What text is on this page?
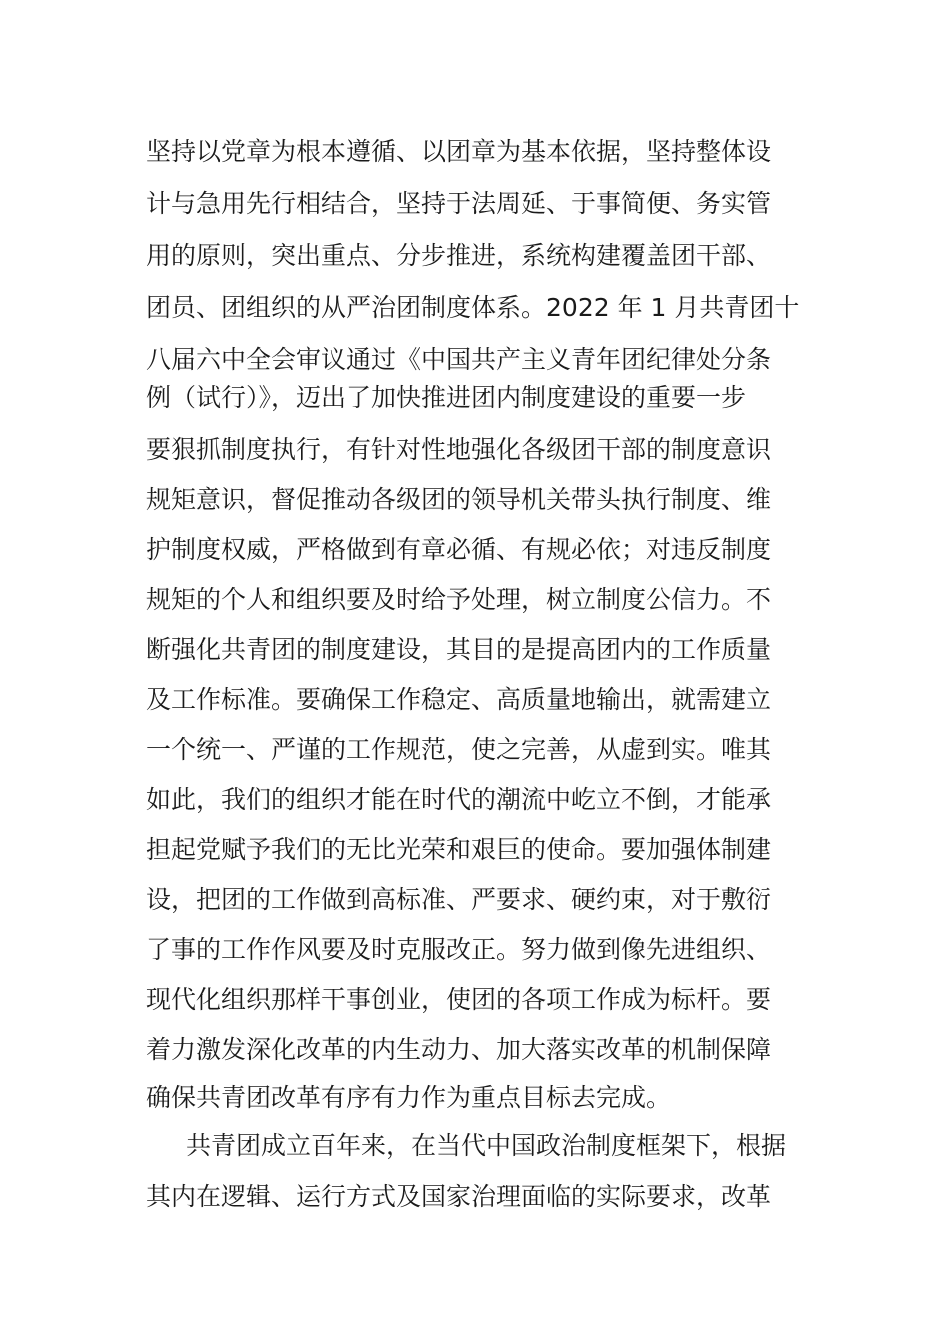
坚持以党章为根本遵循、以团章为基本依据，坚持整体设
计与急用先行相结合，坚持于法周延、于事简便、务实管
用的原则，突出重点、分步推进，系统构建覆盖团干部、
团员、团组织的从严治团制度体系。2022 年 1 月共青团十
八届六中全会审议通过《中国共产主义青年团纪律处分条
例（试行）》，迈出了加快推进团内制度建设的重要一步
要狠抓制度执行，有针对性地强化各级团干部的制度意识
规矩意识，督促推动各级团的领导机关带头执行制度、维
护制度权威，严格做到有章必循、有规必依；对违反制度
规矩的个人和组织要及时给予处理，树立制度公信力。不
断强化共青团的制度建设，其目的是提高团内的工作质量
及工作标准。要确保工作稳定、高质量地输出，就需建立
一个统一、严谨的工作规范，使之完善，从虚到实。唯其
如此，我们的组织才能在时代的潮流中屹立不倒，才能承
担起党赋予我们的无比光荣和艰巨的使命。要加强体制建
设，把团的工作做到高标准、严要求、硬约束，对于敷衍
了事的工作作风要及时克服改正。努力做到像先进组织、
现代化组织那样干事创业，使团的各项工作成为标杆。要
着力激发深化改革的内生动力、加大落实改革的机制保障
确保共青团改革有序有力作为重点目标去完成。
共青团成立百年来，在当代中国政治制度框架下，根据
其内在逻辑、运行方式及国家治理面临的实际要求，改革
